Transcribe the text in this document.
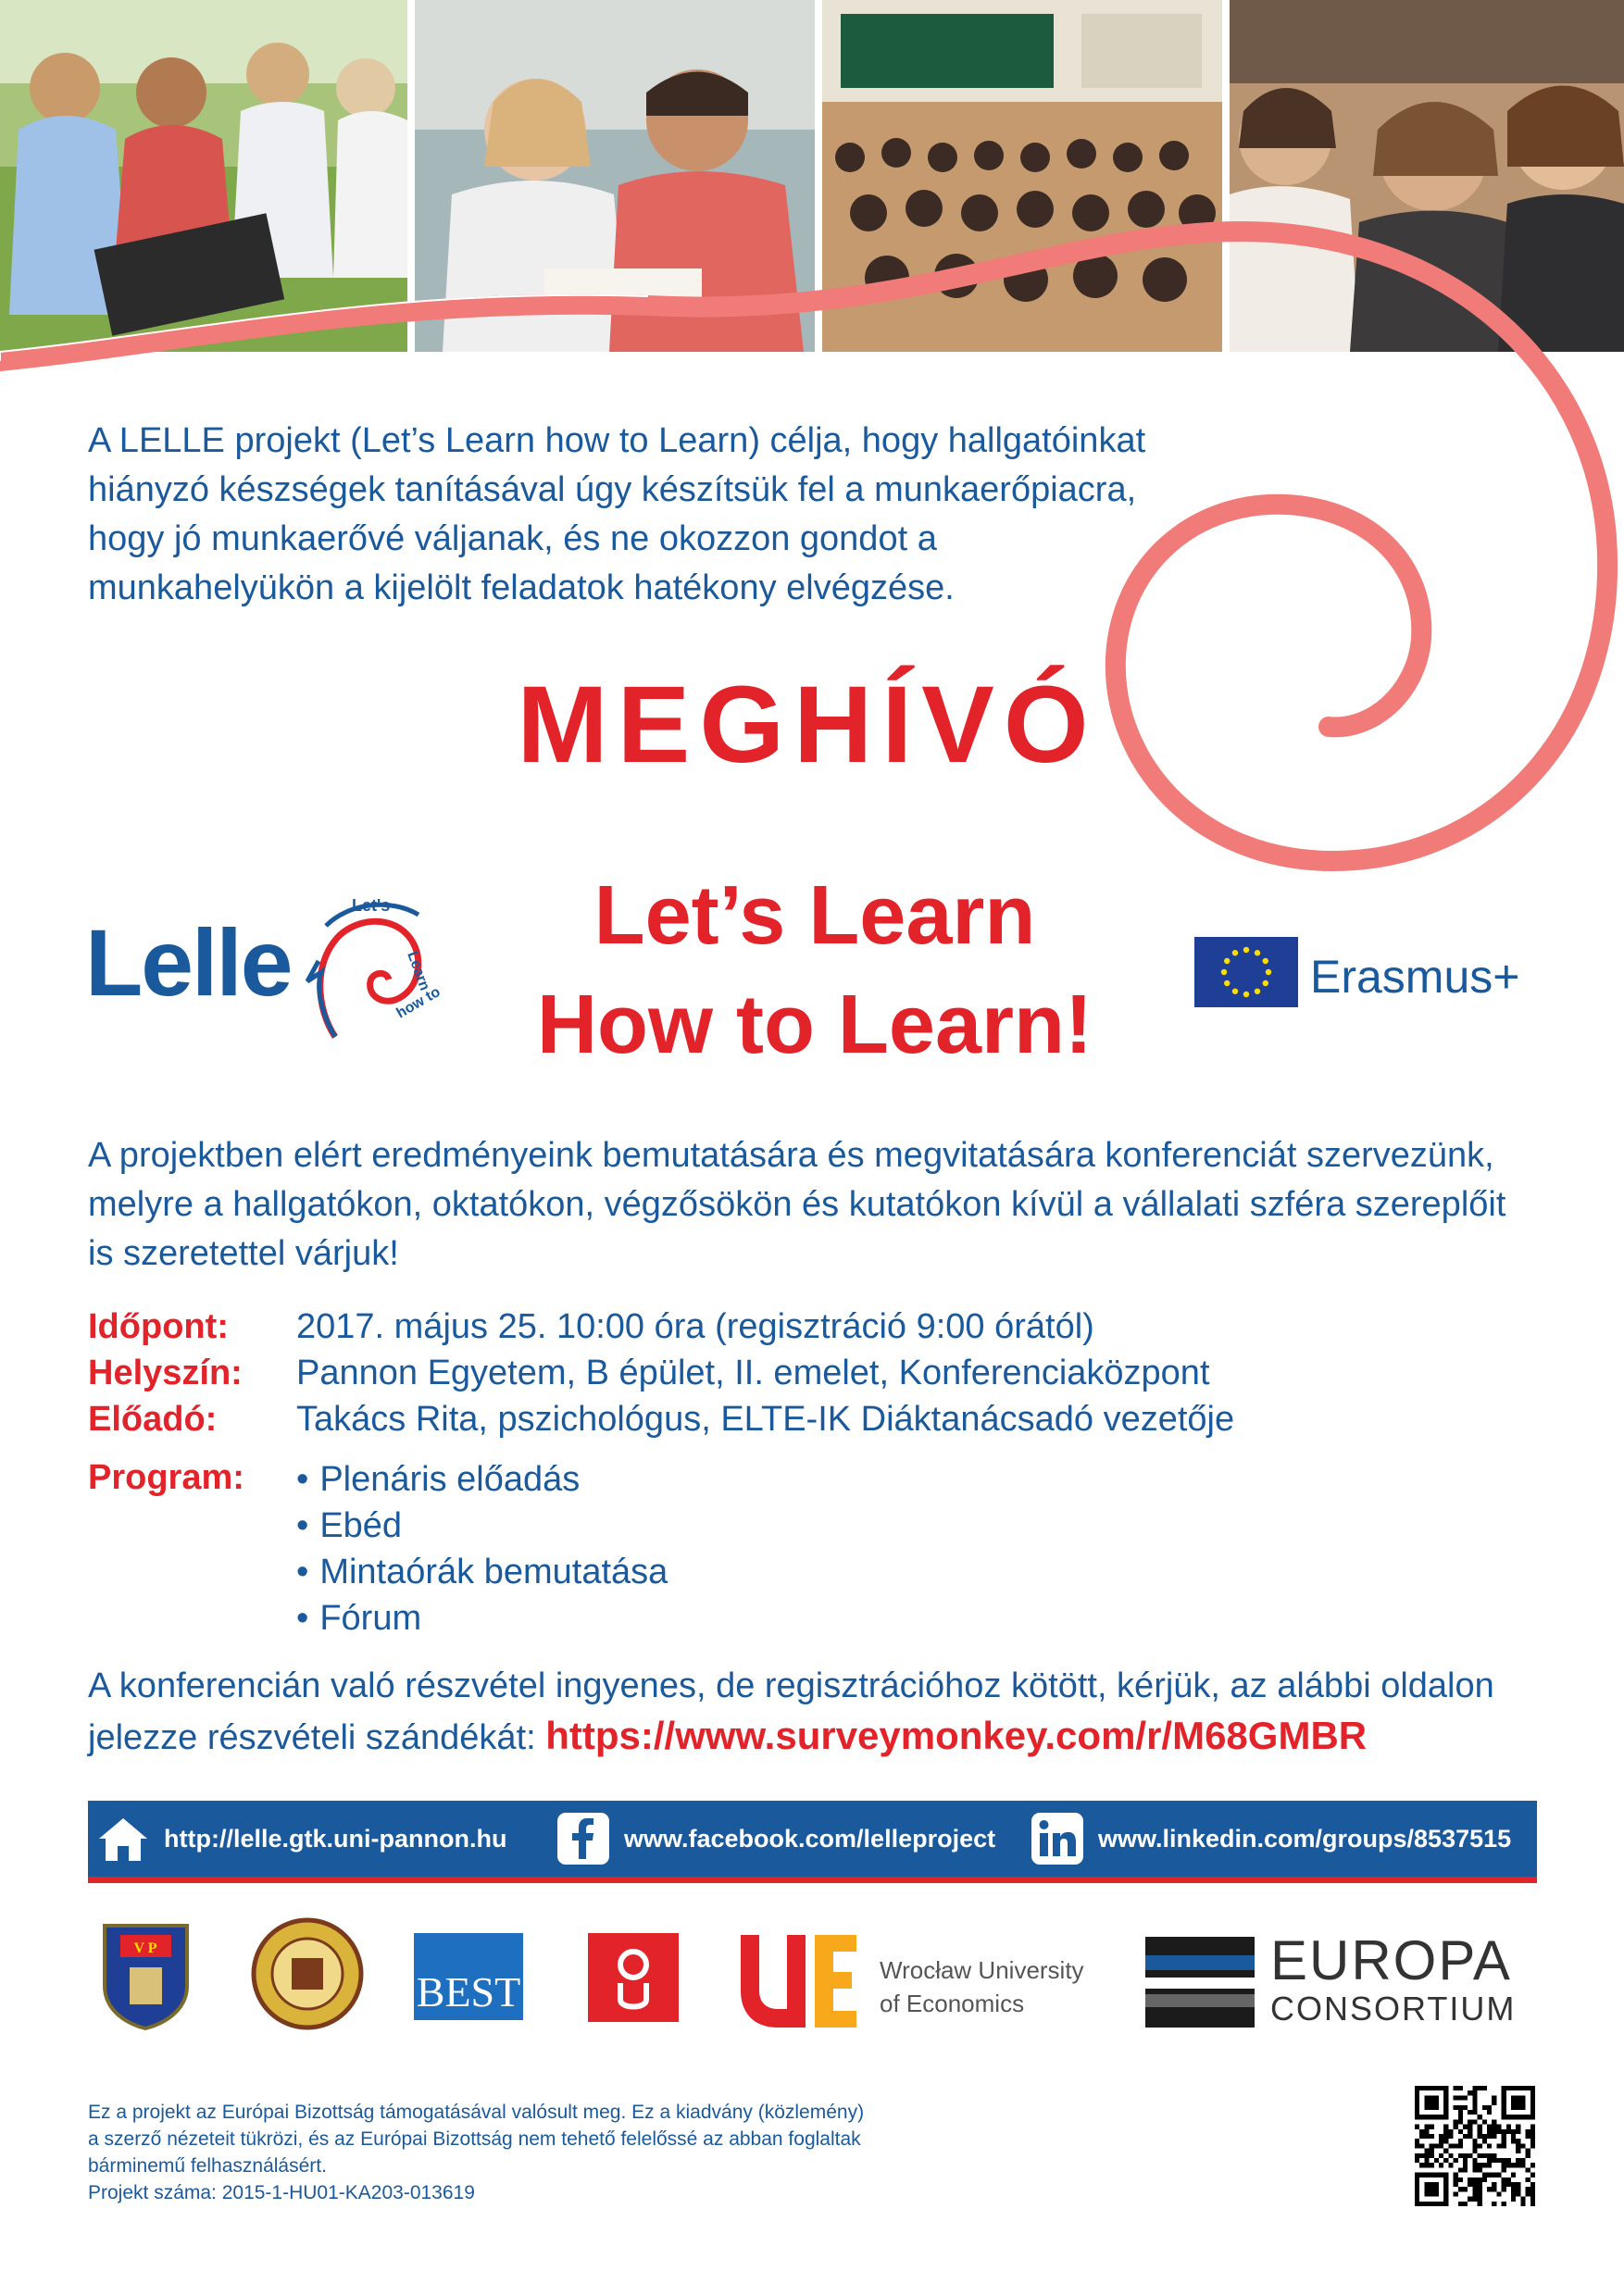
A LELLE projekt (Let’s Learn how to Learn) célja, hogy hallgatóinkat
hiányzó készségek tanításával úgy készítsük fel a munkaerőpiacra,
hogy jó munkaerővé váljanak, és ne okozzon gondot a
munkahelyükön a kijelölt feladatok hatékony elvégzése.
MEGHÍVÓ
Lelle
Let's
Learn
how to
Let’s Learn
How to Learn!
Erasmus+
A projektben elért eredményeink bemutatására és megvitatására konferenciát szervezünk,
melyre a hallgatókon, oktatókon, végzősökön és kutatókon kívül a vállalati szféra szereplőit
is szeretettel várjuk!
Időpont:	2017. május 25. 10:00 óra (regisztráció 9:00 órától)
Helyszín:	Pannon Egyetem, B épület, II. emelet, Konferenciaközpont
Előadó:	Takács Rita, pszichológus, ELTE-IK Diáktanácsadó vezetője
Program:
•	Plenáris előadás
• Ebéd
• Mintaórák bemutatása
• Fórum
A konferencián való részvétel ingyenes, de regisztrációhoz kötött, kérjük, az alábbi oldalon
jelezze részvételi szándékát: https://www.surveymonkey.com/r/M68GMBR
http://lelle.gtk.uni-pannon.hu	www.facebook.com/lelleproject	www.linkedin.com/groups/8537515
V P
BEST	Wrocław University
of Economics
EUROPA
CONSORTIUM
Ez a projekt az Európai Bizottság támogatásával valósult meg. Ez a kiadvány (közlemény)
a szerző nézeteit tükrözi, és az Európai Bizottság nem tehető felelőssé az abban foglaltak
bárminemű felhasználásért.
Projekt száma: 2015-1-HU01-KA203-013619
